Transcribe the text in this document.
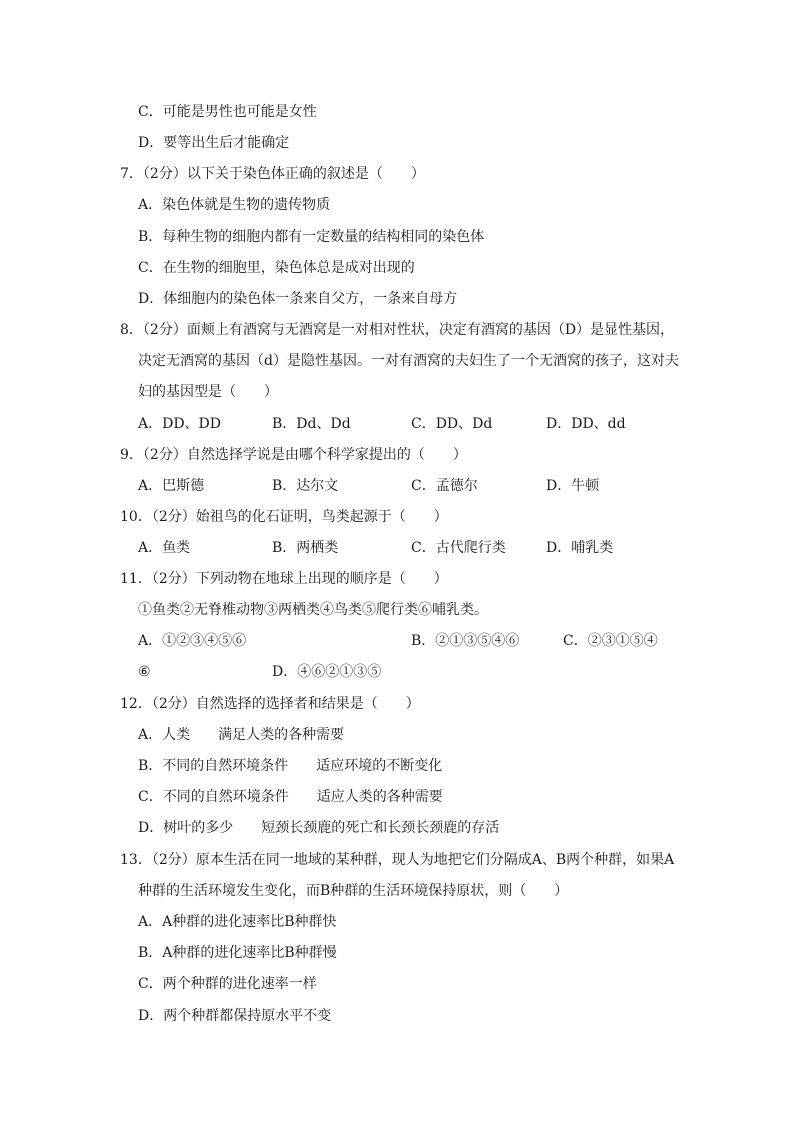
C．可能是男性也可能是女性
D．要等出生后才能确定
7．（2分）以下关于染色体正确的叙述是（　　）
A．染色体就是生物的遗传物质
B．每种生物的细胞内都有一定数量的结构相同的染色体
C．在生物的细胞里，染色体总是成对出现的
D．体细胞内的染色体一条来自父方，一条来自母方
8．（2分）面颊上有酒窝与无酒窝是一对相对性状，决定有酒窝的基因（D）是显性基因，
决定无酒窝的基因（d）是隐性基因。一对有酒窝的夫妇生了一个无酒窝的孩子，这对夫
妇的基因型是（　　）
A．DD、DD	B．Dd、Dd	C．DD、Dd	D．DD、dd
9．（2分）自然选择学说是由哪个科学家提出的（　　）
A．巴斯德	B．达尔文	C．孟德尔	D．牛顿
10．（2分）始祖鸟的化石证明，鸟类起源于（　　）
A．鱼类	B．两栖类	C．古代爬行类	D．哺乳类
11．（2分）下列动物在地球上出现的顺序是（　　）
①鱼类②无脊椎动物③两栖类④鸟类⑤爬行类⑥哺乳类。
A．①②③④⑤⑥	B．②①③⑤④⑥	C．②③①⑤④
⑥	D．④⑥②①③⑤
12．（2分）自然选择的选择者和结果是（　　）
A．人类　　满足人类的各种需要
B．不同的自然环境条件　　适应环境的不断变化
C．不同的自然环境条件　　适应人类的各种需要
D．树叶的多少　　短颈长颈鹿的死亡和长颈长颈鹿的存活
13．（2分）原本生活在同一地域的某种群，现人为地把它们分隔成A、B两个种群，如果A
种群的生活环境发生变化，而B种群的生活环境保持原状，则（　　）
A．A种群的进化速率比B种群快
B．A种群的进化速率比B种群慢
C．两个种群的进化速率一样
D．两个种群都保持原水平不变
